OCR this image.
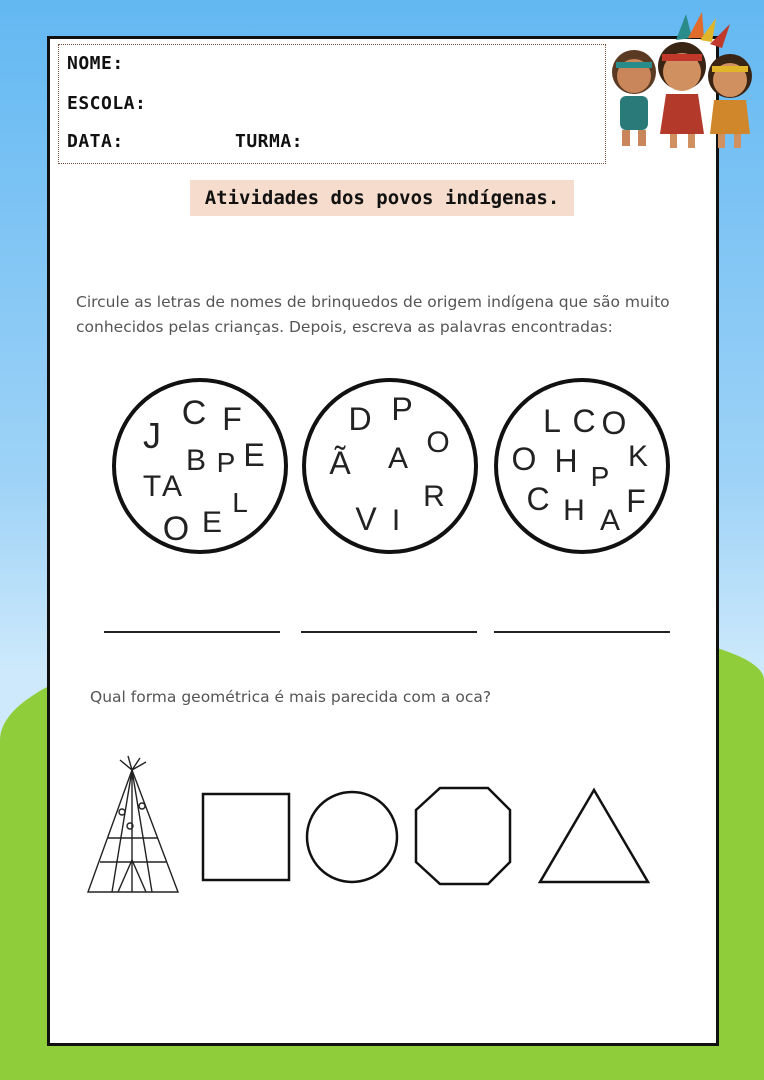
NOME:
ESCOLA:
DATA:	TURMA:
Atividades dos povos indígenas.
Circule as letras de nomes de brinquedos de origem indígena que são muito conhecidos pelas crianças. Depois, escreva as palavras encontradas:
J
C F
B P E
T A L
O E
D P
O
Ã A
R
V I
L C O
O H K
P
C H A
F
Qual forma geométrica é mais parecida com a oca?
